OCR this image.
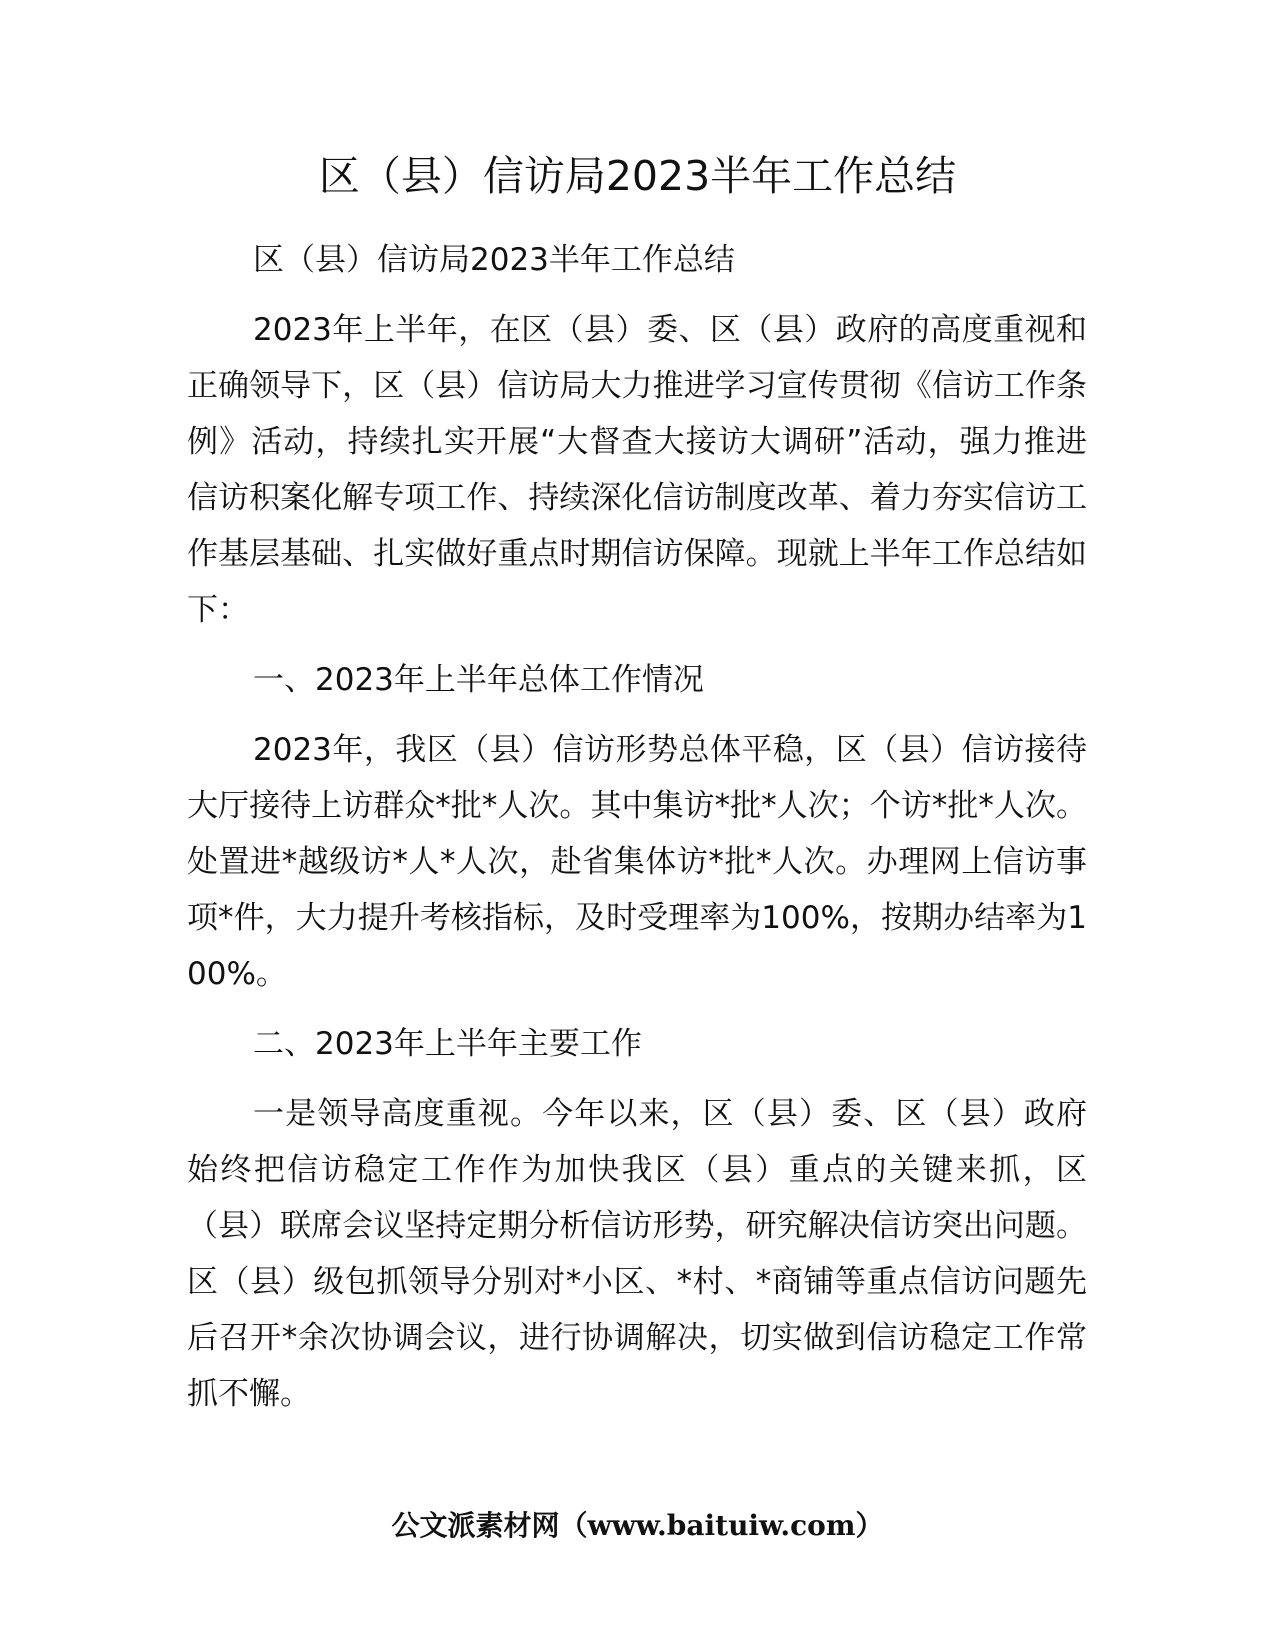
区（县）信访局2023半年工作总结

区（县）信访局2023半年工作总结

2023年上半年，在区（县）委、区（县）政府的高度重视和正确领导下，区（县）信访局大力推进学习宣传贯彻《信访工作条例》活动，持续扎实开展“大督查大接访大调研”活动，强力推进信访积案化解专项工作、持续深化信访制度改革、着力夯实信访工作基层基础、扎实做好重点时期信访保障。现就上半年工作总结如下：

一、2023年上半年总体工作情况

2023年，我区（县）信访形势总体平稳，区（县）信访接待大厅接待上访群众*批*人次。其中集访*批*人次；个访*批*人次。处置进*越级访*人*人次，赴省集体访*批*人次。办理网上信访事项*件，大力提升考核指标，及时受理率为100%，按期办结率为100%。

二、2023年上半年主要工作

一是领导高度重视。今年以来，区（县）委、区（县）政府始终把信访稳定工作作为加快我区（县）重点的关键来抓，区（县）联席会议坚持定期分析信访形势，研究解决信访突出问题。区（县）级包抓领导分别对*小区、*村、*商铺等重点信访问题先后召开*余次协调会议，进行协调解决，切实做到信访稳定工作常抓不懈。

公文派素材网（www.baituiw.com）
